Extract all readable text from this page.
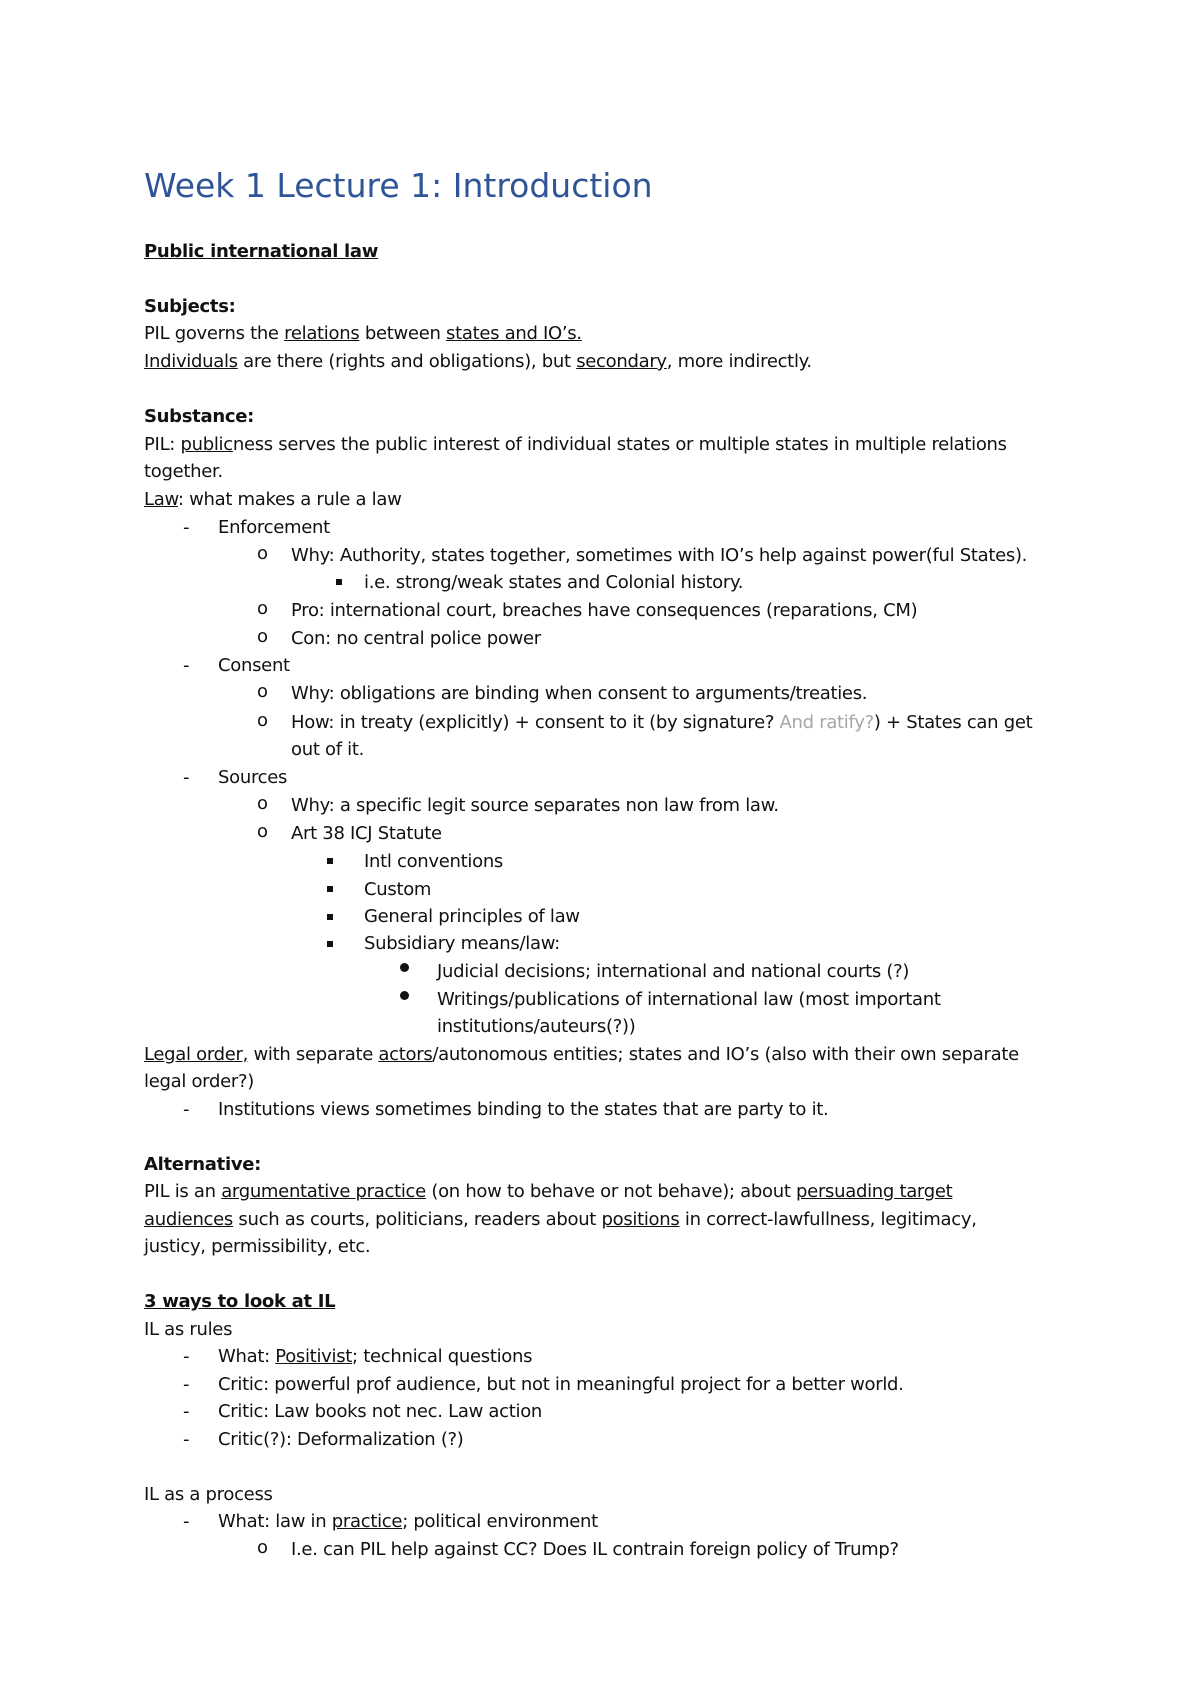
Week 1 Lecture 1: Introduction
Public international law
Subjects:
PIL governs the relations between states and IO’s.
Individuals are there (rights and obligations), but secondary, more indirectly.
Substance:
PIL: publicness serves the public interest of individual states or multiple states in multiple relations
together.
Law: what makes a rule a law
- Enforcement
o Why: Authority, states together, sometimes with IO’s help against power(ful States).
i.e. strong/weak states and Colonial history.
o Pro: international court, breaches have consequences (reparations, CM)
o Con: no central police power
- Consent
o Why: obligations are binding when consent to arguments/treaties.
o How: in treaty (explicitly) + consent to it (by signature? And ratify?) + States can get
out of it.
- Sources
o Why: a specific legit source separates non law from law.
o Art 38 ICJ Statute
Intl conventions
Custom
General principles of law
Subsidiary means/law:
Judicial decisions; international and national courts (?)
Writings/publications of international law (most important
institutions/auteurs(?))
Legal order, with separate actors/autonomous entities; states and IO’s (also with their own separate
legal order?)
- Institutions views sometimes binding to the states that are party to it.
Alternative:
PIL is an argumentative practice (on how to behave or not behave); about persuading target
audiences such as courts, politicians, readers about positions in correct-lawfullness, legitimacy,
justicy, permissibility, etc.
3 ways to look at IL
IL as rules
- What: Positivist; technical questions
- Critic: powerful prof audience, but not in meaningful project for a better world.
- Critic: Law books not nec. Law action
- Critic(?): Deformalization (?)
IL as a process
- What: law in practice; political environment
o I.e. can PIL help against CC? Does IL contrain foreign policy of Trump?
